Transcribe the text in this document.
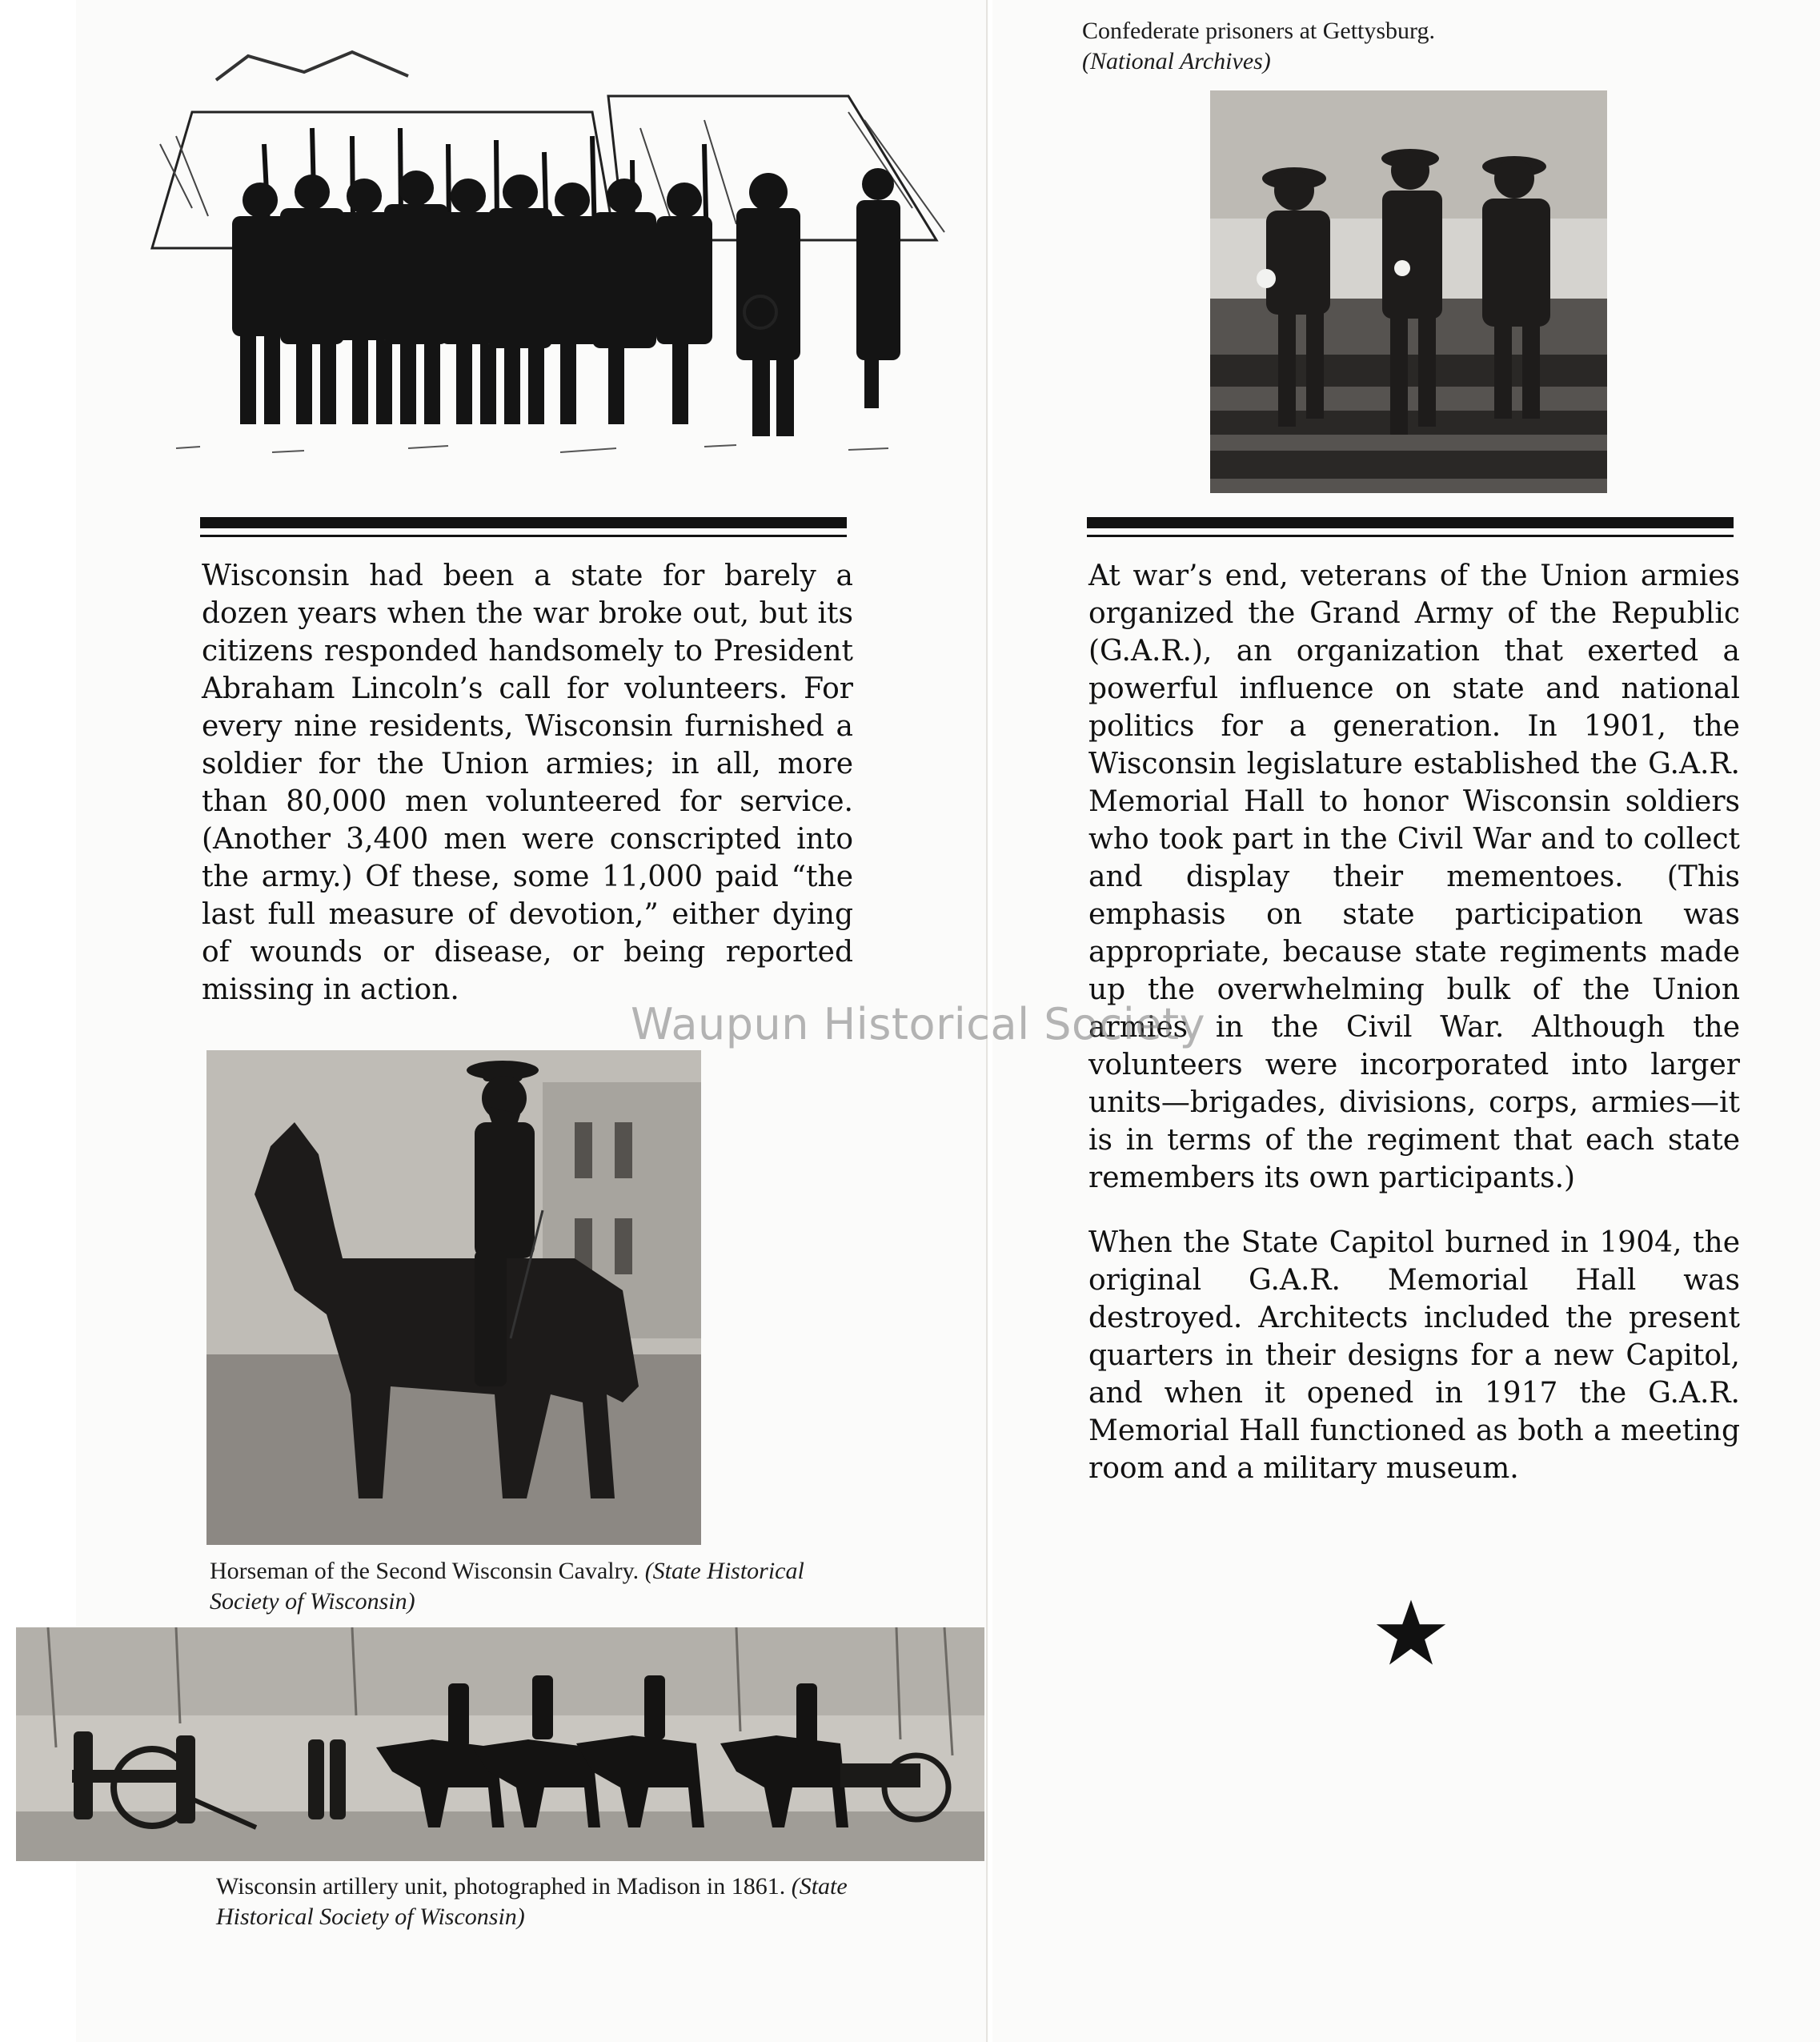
Confederate prisoners at Gettysburg.
(National Archives)

Wisconsin had been a state for barely a dozen years when the war broke out, but its citizens responded handsomely to President Abraham Lincoln’s call for volunteers. For every nine residents, Wisconsin furnished a soldier for the Union armies; in all, more than 80,000 men volunteered for service. (Another 3,400 men were conscripted into the army.) Of these, some 11,000 paid “the last full measure of devotion,” either dying of wounds or disease, or being reported missing in action.

At war’s end, veterans of the Union armies organized the Grand Army of the Republic (G.A.R.), an organization that exerted a powerful influence on state and national politics for a generation. In 1901, the Wisconsin legislature established the G.A.R. Memorial Hall to honor Wisconsin soldiers who took part in the Civil War and to collect and display their mementoes. (This emphasis on state participation was appropriate, because state regiments made up the overwhelming bulk of the Union armies in the Civil War. Although the volunteers were incorporated into larger units—brigades, divisions, corps, armies—it is in terms of the regiment that each state remembers its own participants.)

When the State Capitol burned in 1904, the original G.A.R. Memorial Hall was destroyed. Architects included the present quarters in their designs for a new Capitol, and when it opened in 1917 the G.A.R. Memorial Hall functioned as both a meeting room and a military museum.

Horseman of the Second Wisconsin Cavalry. (State Historical Society of Wisconsin)
Wisconsin artillery unit, photographed in Madison in 1861. (State Historical Society of Wisconsin)
Waupun Historical Society
